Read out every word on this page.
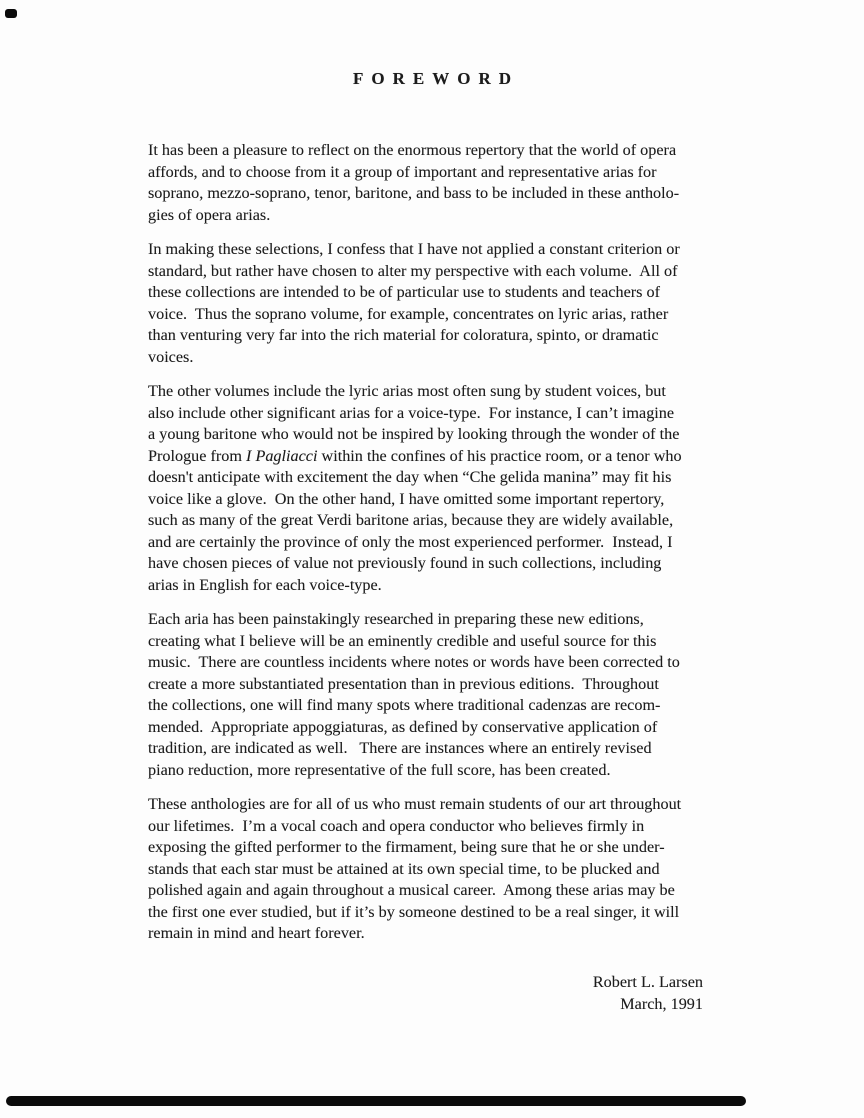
FOREWORD
It has been a pleasure to reflect on the enormous repertory that the world of opera
affords, and to choose from it a group of important and representative arias for
soprano, mezzo-soprano, tenor, baritone, and bass to be included in these antholo-
gies of opera arias.
In making these selections, I confess that I have not applied a constant criterion or
standard, but rather have chosen to alter my perspective with each volume.  All of
these collections are intended to be of particular use to students and teachers of
voice.  Thus the soprano volume, for example, concentrates on lyric arias, rather
than venturing very far into the rich material for coloratura, spinto, or dramatic
voices.
The other volumes include the lyric arias most often sung by student voices, but
also include other significant arias for a voice-type.  For instance, I can’t imagine
a young baritone who would not be inspired by looking through the wonder of the
Prologue from I Pagliacci within the confines of his practice room, or a tenor who
doesn't anticipate with excitement the day when “Che gelida manina” may fit his
voice like a glove.  On the other hand, I have omitted some important repertory,
such as many of the great Verdi baritone arias, because they are widely available,
and are certainly the province of only the most experienced performer.  Instead, I
have chosen pieces of value not previously found in such collections, including
arias in English for each voice-type.
Each aria has been painstakingly researched in preparing these new editions,
creating what I believe will be an eminently credible and useful source for this
music.  There are countless incidents where notes or words have been corrected to
create a more substantiated presentation than in previous editions.  Throughout
the collections, one will find many spots where traditional cadenzas are recom-
mended.  Appropriate appoggiaturas, as defined by conservative application of
tradition, are indicated as well.   There are instances where an entirely revised
piano reduction, more representative of the full score, has been created.
These anthologies are for all of us who must remain students of our art throughout
our lifetimes.  I’m a vocal coach and opera conductor who believes firmly in
exposing the gifted performer to the firmament, being sure that he or she under-
stands that each star must be attained at its own special time, to be plucked and
polished again and again throughout a musical career.  Among these arias may be
the first one ever studied, but if it’s by someone destined to be a real singer, it will
remain in mind and heart forever.
Robert L. Larsen
March, 1991
